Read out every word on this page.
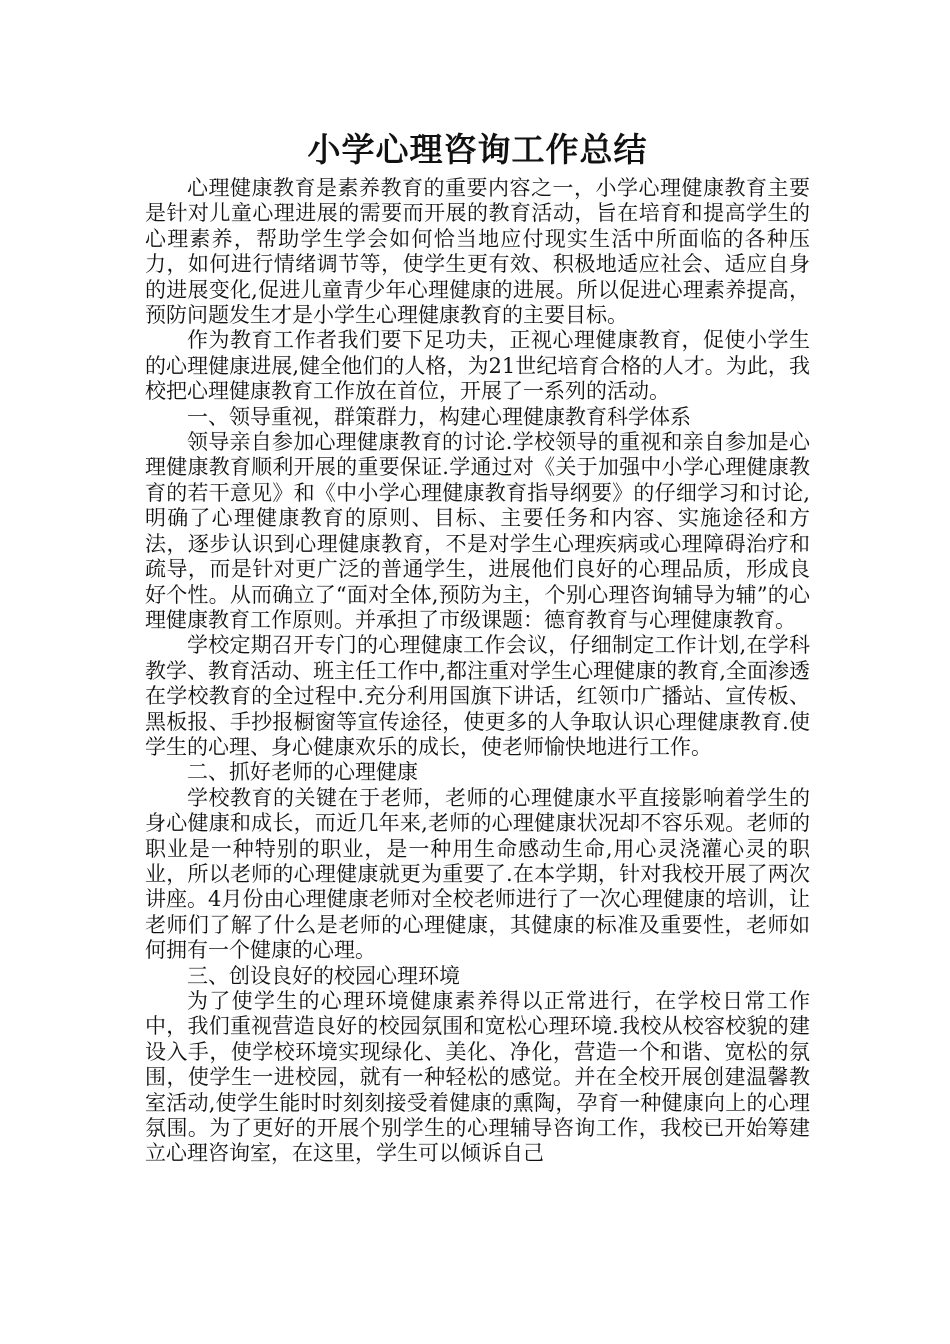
小学心理咨询工作总结

心理健康教育是素养教育的重要内容之一，小学心理健康教育主要是针对儿童心理进展的需要而开展的教育活动，旨在培育和提高学生的心理素养，帮助学生学会如何恰当地应付现实生活中所面临的各种压力，如何进行情绪调节等，使学生更有效、积极地适应社会、适应自身的进展变化,促进儿童青少年心理健康的进展。所以促进心理素养提高，预防问题发生才是小学生心理健康教育的主要目标。

作为教育工作者我们要下足功夫，正视心理健康教育，促使小学生的心理健康进展,健全他们的人格，为21世纪培育合格的人才。为此，我校把心理健康教育工作放在首位，开展了一系列的活动。

一、领导重视，群策群力，构建心理健康教育科学体系

领导亲自参加心理健康教育的讨论.学校领导的重视和亲自参加是心理健康教育顺利开展的重要保证.学通过对《关于加强中小学心理健康教育的若干意见》和《中小学心理健康教育指导纲要》的仔细学习和讨论,明确了心理健康教育的原则、目标、主要任务和内容、实施途径和方法，逐步认识到心理健康教育，不是对学生心理疾病或心理障碍治疗和疏导，而是针对更广泛的普通学生，进展他们良好的心理品质，形成良好个性。从而确立了“面对全体,预防为主，个别心理咨询辅导为辅”的心理健康教育工作原则。并承担了市级课题：德育教育与心理健康教育。

学校定期召开专门的心理健康工作会议，仔细制定工作计划,在学科教学、教育活动、班主任工作中,都注重对学生心理健康的教育,全面渗透在学校教育的全过程中.充分利用国旗下讲话，红领巾广播站、宣传板、黑板报、手抄报橱窗等宣传途径，使更多的人争取认识心理健康教育.使学生的心理、身心健康欢乐的成长，使老师愉快地进行工作。

二、抓好老师的心理健康

学校教育的关键在于老师，老师的心理健康水平直接影响着学生的身心健康和成长，而近几年来,老师的心理健康状况却不容乐观。老师的职业是一种特别的职业，是一种用生命感动生命,用心灵浇灌心灵的职业，所以老师的心理健康就更为重要了.在本学期，针对我校开展了两次讲座。4月份由心理健康老师对全校老师进行了一次心理健康的培训，让老师们了解了什么是老师的心理健康，其健康的标准及重要性，老师如何拥有一个健康的心理。

三、创设良好的校园心理环境

为了使学生的心理环境健康素养得以正常进行，在学校日常工作中，我们重视营造良好的校园氛围和宽松心理环境.我校从校容校貌的建设入手，使学校环境实现绿化、美化、净化，营造一个和谐、宽松的氛围，使学生一进校园，就有一种轻松的感觉。并在全校开展创建温馨教室活动,使学生能时时刻刻接受着健康的熏陶，孕育一种健康向上的心理氛围。为了更好的开展个别学生的心理辅导咨询工作，我校已开始筹建立心理咨询室，在这里，学生可以倾诉自己
